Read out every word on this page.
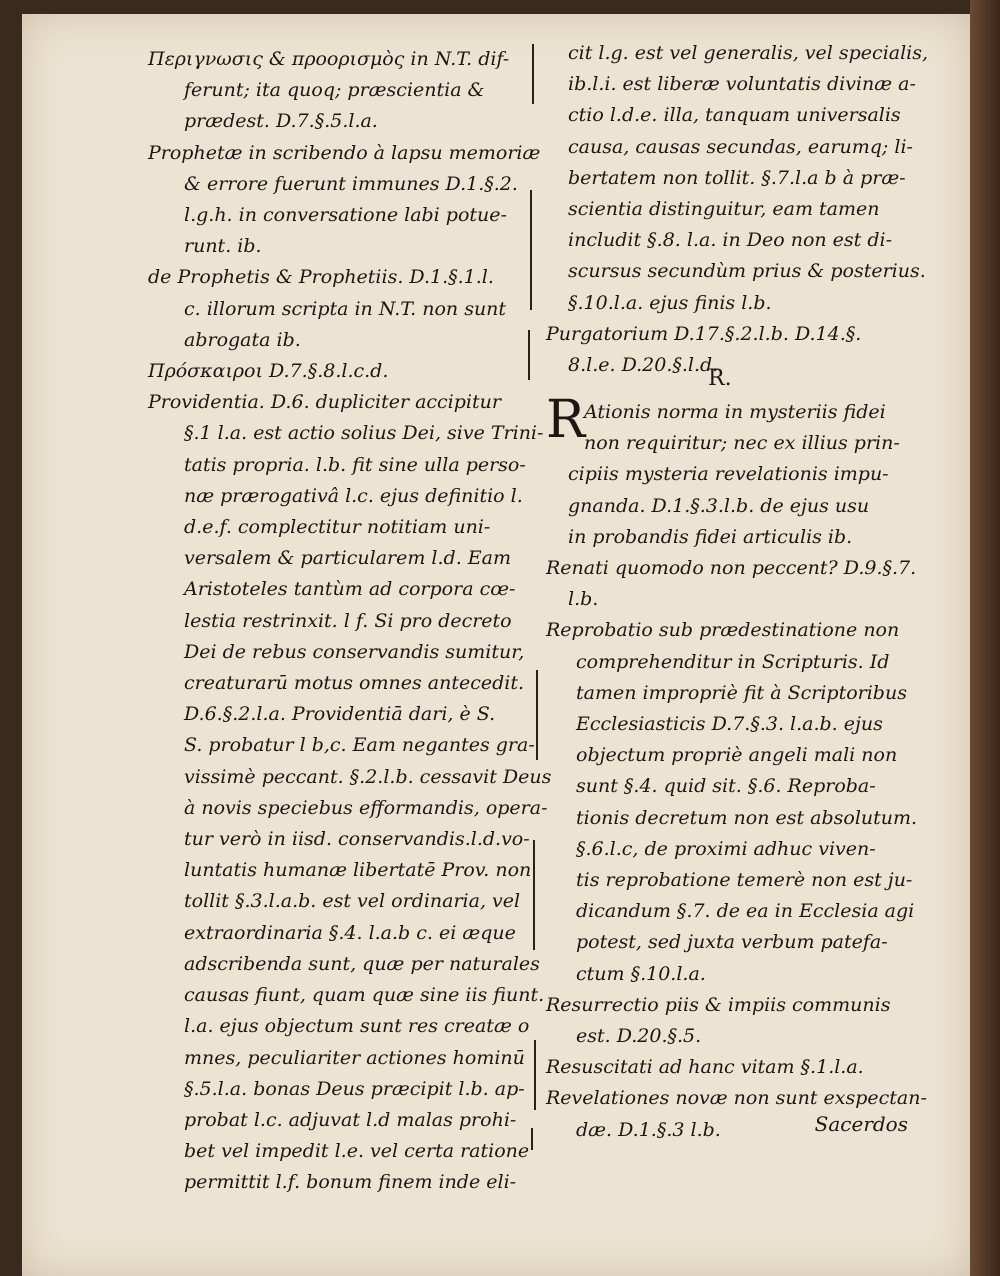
Περιγνωσις & προορισμὸς in N.T. dif-
ferunt; ita quoq; præscientia &
prædest. D.7.§.5.l.a.
Prophetæ in scribendo à lapsu memoriæ
& errore fuerunt immunes D.1.§.2.
l.g.h. in conversatione labi potue-
runt. ib.
de Prophetis & Prophetiis. D.1.§.1.l.
c. illorum scripta in N.T. non sunt
abrogata ib.
Πρόσκαιροι D.7.§.8.l.c.d.
Providentia. D.6. dupliciter accipitur
§.1 l.a. est actio solius Dei, sive Trini-
tatis propria. l.b. fit sine ulla perso-
næ prærogativâ l.c. ejus definitio l.
d.e.f. complectitur notitiam uni-
versalem & particularem l.d. Eam
Aristoteles tantùm ad corpora cœ-
lestia restrinxit. l f. Si pro decreto
Dei de rebus conservandis sumitur,
creaturarū motus omnes antecedit.
D.6.§.2.l.a. Providentiā dari, è S.
S. probatur l b,c. Eam negantes gra-
vissimè peccant. §.2.l.b. cessavit Deus
à novis speciebus efformandis, opera-
tur verò in iisd. conservandis.l.d.vo-
luntatis humanæ libertatē Prov. non
tollit §.3.l.a.b. est vel ordinaria, vel
extraordinaria §.4. l.a.b c. ei æque
adscribenda sunt, quæ per naturales
causas fiunt, quam quæ sine iis fiunt.
l.a. ejus objectum sunt res creatæ o
mnes, peculiariter actiones hominū
§.5.l.a. bonas Deus præcipit l.b. ap-
probat l.c. adjuvat l.d malas prohi-
bet vel impedit l.e. vel certa ratione
permittit l.f. bonum finem inde eli-
cit l.g. est vel generalis, vel specialis,
ib.l.i. est liberæ voluntatis divinæ a-
ctio l.d.e. illa, tanquam universalis
causa, causas secundas, earumq; li-
bertatem non tollit. §.7.l.a b à præ-
scientia distinguitur, eam tamen
includit §.8. l.a. in Deo non est di-
scursus secundùm prius & posterius.
§.10.l.a. ejus finis l.b.
Purgatorium D.17.§.2.l.b. D.14.§.
8.l.e. D.20.§.l.d.
R.
R
Ationis norma in mysteriis fidei
non requiritur; nec ex illius prin-
cipiis mysteria revelationis impu-
gnanda. D.1.§.3.l.b. de ejus usu
in probandis fidei articulis ib.
Renati quomodo non peccent? D.9.§.7.
l.b.
Reprobatio sub prædestinatione non
comprehenditur in Scripturis. Id
tamen impropriè fit à Scriptoribus
Ecclesiasticis D.7.§.3. l.a.b. ejus
objectum propriè angeli mali non
sunt §.4. quid sit. §.6. Reproba-
tionis decretum non est absolutum.
§.6.l.c, de proximi adhuc viven-
tis reprobatione temerè non est ju-
dicandum §.7. de ea in Ecclesia agi
potest, sed juxta verbum patefa-
ctum §.10.l.a.
Resurrectio piis & impiis communis
est. D.20.§.5.
Resuscitati ad hanc vitam §.1.l.a.
Revelationes novæ non sunt exspectan-
dæ. D.1.§.3 l.b.	Sacerdos
